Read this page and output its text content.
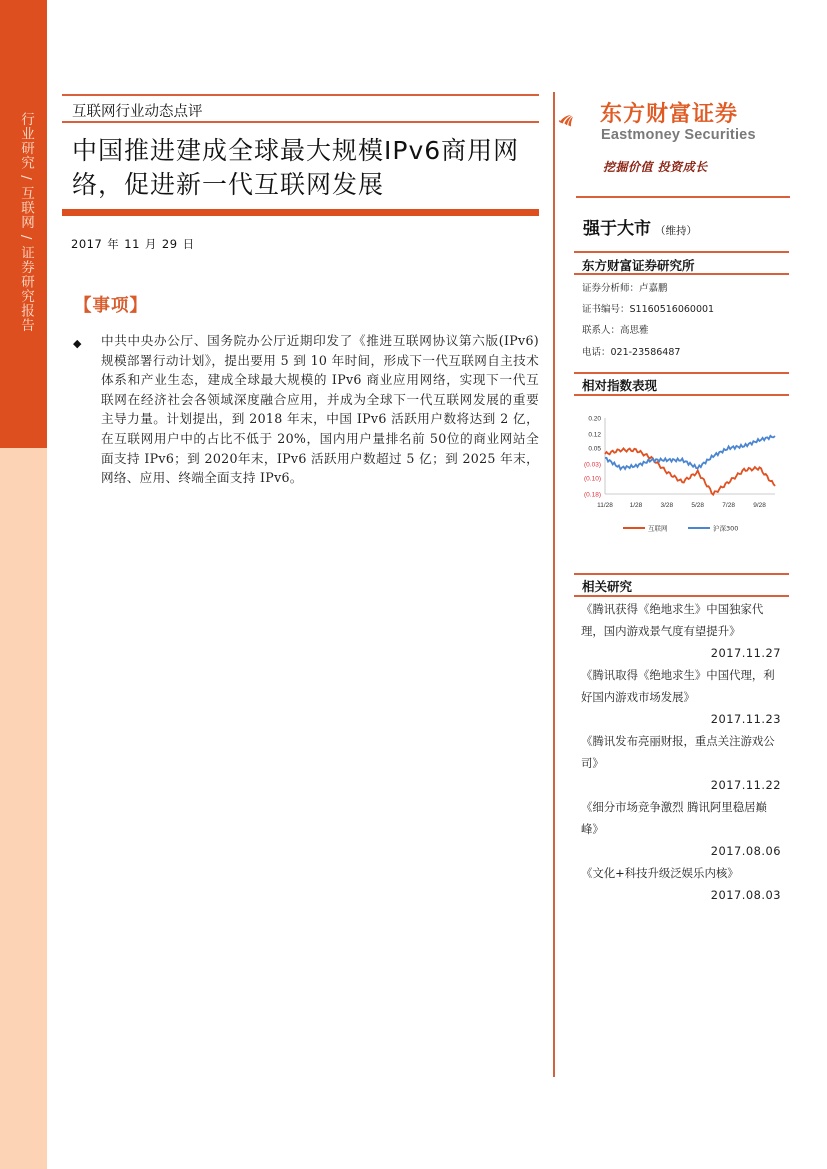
行业研究 / 互联网 / 证券研究报告	互联网行业动态点评
中国推进建成全球最大规模IPv6商用网络，促进新一代互联网发展
2017 年 11 月 29 日
【事项】
◆ 中共中央办公厅、国务院办公厅近期印发了《推进互联网协议第六版(IPv6)规模部署行动计划》，提出要用 5 到 10 年时间，形成下一代互联网自主技术体系和产业生态，建成全球最大规模的 IPv6 商业应用网络，实现下一代互联网在经济社会各领域深度融合应用，并成为全球下一代互联网发展的重要主导力量。计划提出，到 2018 年末，中国 IPv6 活跃用户数将达到 2 亿，在互联网用户中的占比不低于 20%，国内用户量排名前 50位的商业网站全面支持 IPv6；到 2020年末，IPv6 活跃用户数超过 5 亿；到 2025 年末，网络、应用、终端全面支持 IPv6。
东方财富证券
Eastmoney Securities
挖掘价值 投资成长
强于大市 （维持）
东方财富证券研究所
证券分析师：卢嘉鹏
证书编号：S1160516060001
联系人：高思雅
电话：021-23586487
相对指数表现
0.20
0.12
0.05
(0.03)
(0.10)
(0.18)
11/28	1/28	3/28	5/28	7/28	9/28
互联网	沪深300
相关研究
《腾讯获得《绝地求生》中国独家代理，国内游戏景气度有望提升》
2017.11.27
《腾讯取得《绝地求生》中国代理，利好国内游戏市场发展》
2017.11.23
《腾讯发布亮丽财报，重点关注游戏公司》
2017.11.22
《细分市场竞争激烈 腾讯阿里稳居巅峰》
2017.08.06
《文化+科技升级泛娱乐内核》
2017.08.03
